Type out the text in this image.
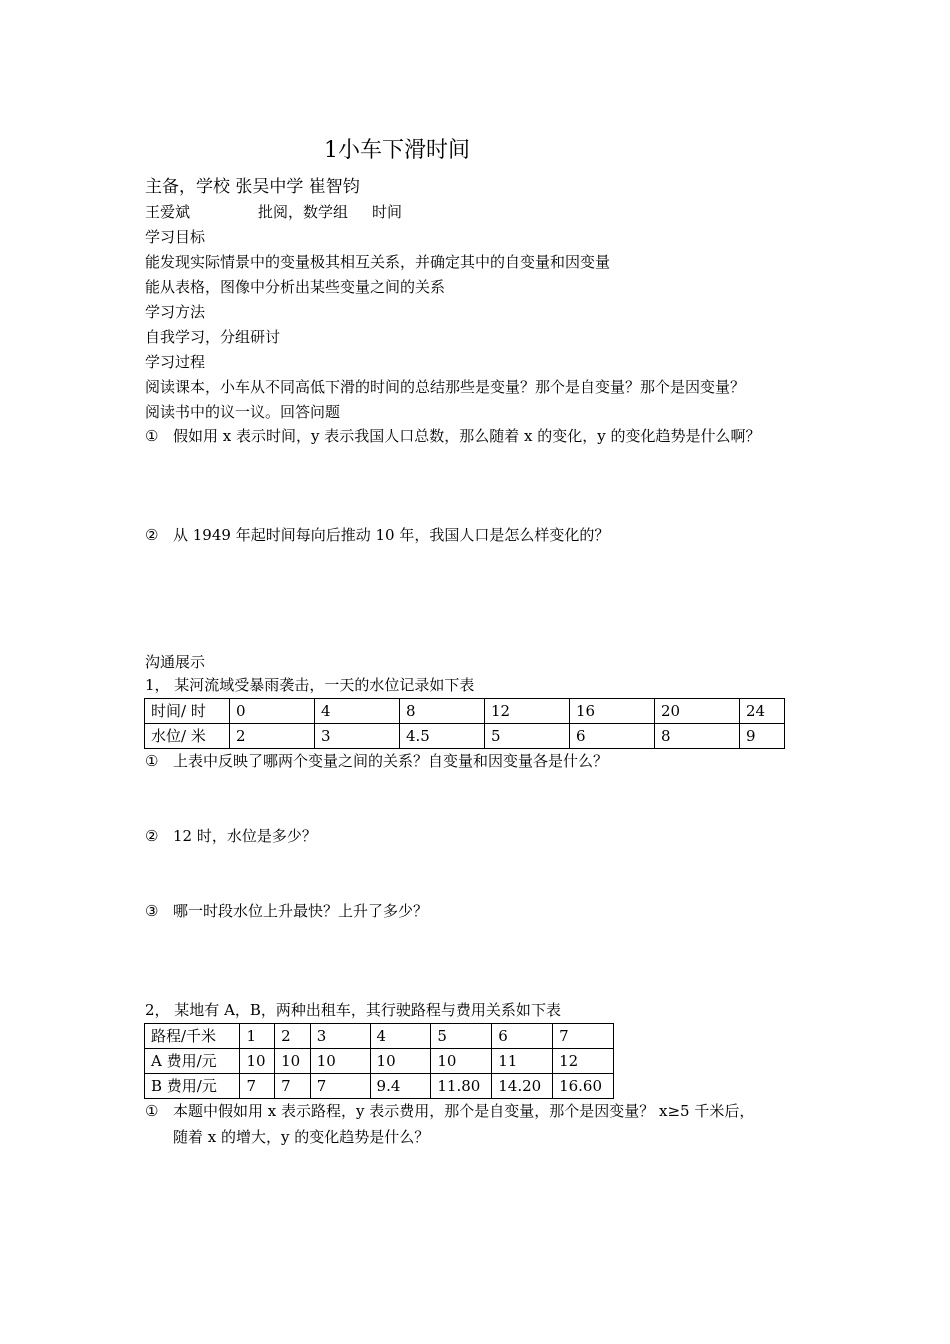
1小车下滑时间
主备，学校 张吴中学 崔智钧
王爱斌	批阅，数学组 时间
学习目标
能发现实际情景中的变量极其相互关系，并确定其中的自变量和因变量
能从表格，图像中分析出某些变量之间的关系
学习方法
自我学习，分组研讨
学习过程
阅读课本，小车从不同高低下滑的时间的总结那些是变量？那个是自变量？那个是因变量？
阅读书中的议一议。回答问题
① 假如用 x 表示时间，y 表示我国人口总数，那么随着 x 的变化，y 的变化趋势是什么啊？
② 从 1949 年起时间每向后推动 10 年，我国人口是怎么样变化的？
沟通展示
1， 某河流域受暴雨袭击，一天的水位记录如下表
时间/ 时	0	4	8	12	16	20	24
水位/ 米	2	3	4.5	5	6	8	9
① 上表中反映了哪两个变量之间的关系？自变量和因变量各是什么？
② 12 时，水位是多少？
③ 哪一时段水位上升最快？上升了多少？
2， 某地有 A，B，两种出租车，其行驶路程与费用关系如下表
路程/千米	1	2	3	4	5	6	7
A 费用/元	10	10	10	10	10	11	12
B 费用/元	7	7	7	9.4	11.80	14.20	16.60
① 本题中假如用 x 表示路程，y 表示费用，那个是自变量，那个是因变量？ x≥5 千米后，
随着 x 的增大，y 的变化趋势是什么？
